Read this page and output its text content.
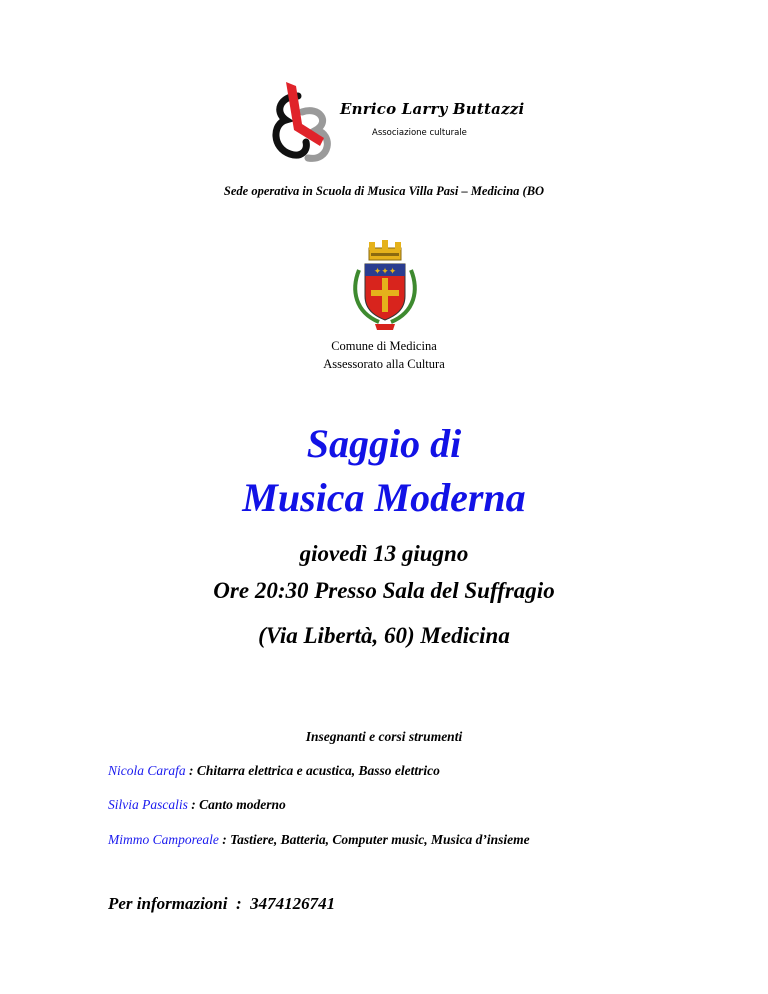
Enrico Larry Buttazzi
Associazione culturale
Sede operativa in Scuola di Musica Villa Pasi – Medicina (BO
✦✦✦
Comune di Medicina
Assessorato alla Cultura
Saggio di
Musica Moderna
giovedì 13 giugno
Ore 20:30 Presso Sala del Suffragio
(Via Libertà, 60) Medicina
Insegnanti e corsi strumenti
Nicola Carafa : Chitarra elettrica e acustica, Basso elettrico
Silvia Pascalis : Canto moderno
Mimmo Camporeale : Tastiere, Batteria, Computer music, Musica d’insieme
Per informazioni  :  3474126741
